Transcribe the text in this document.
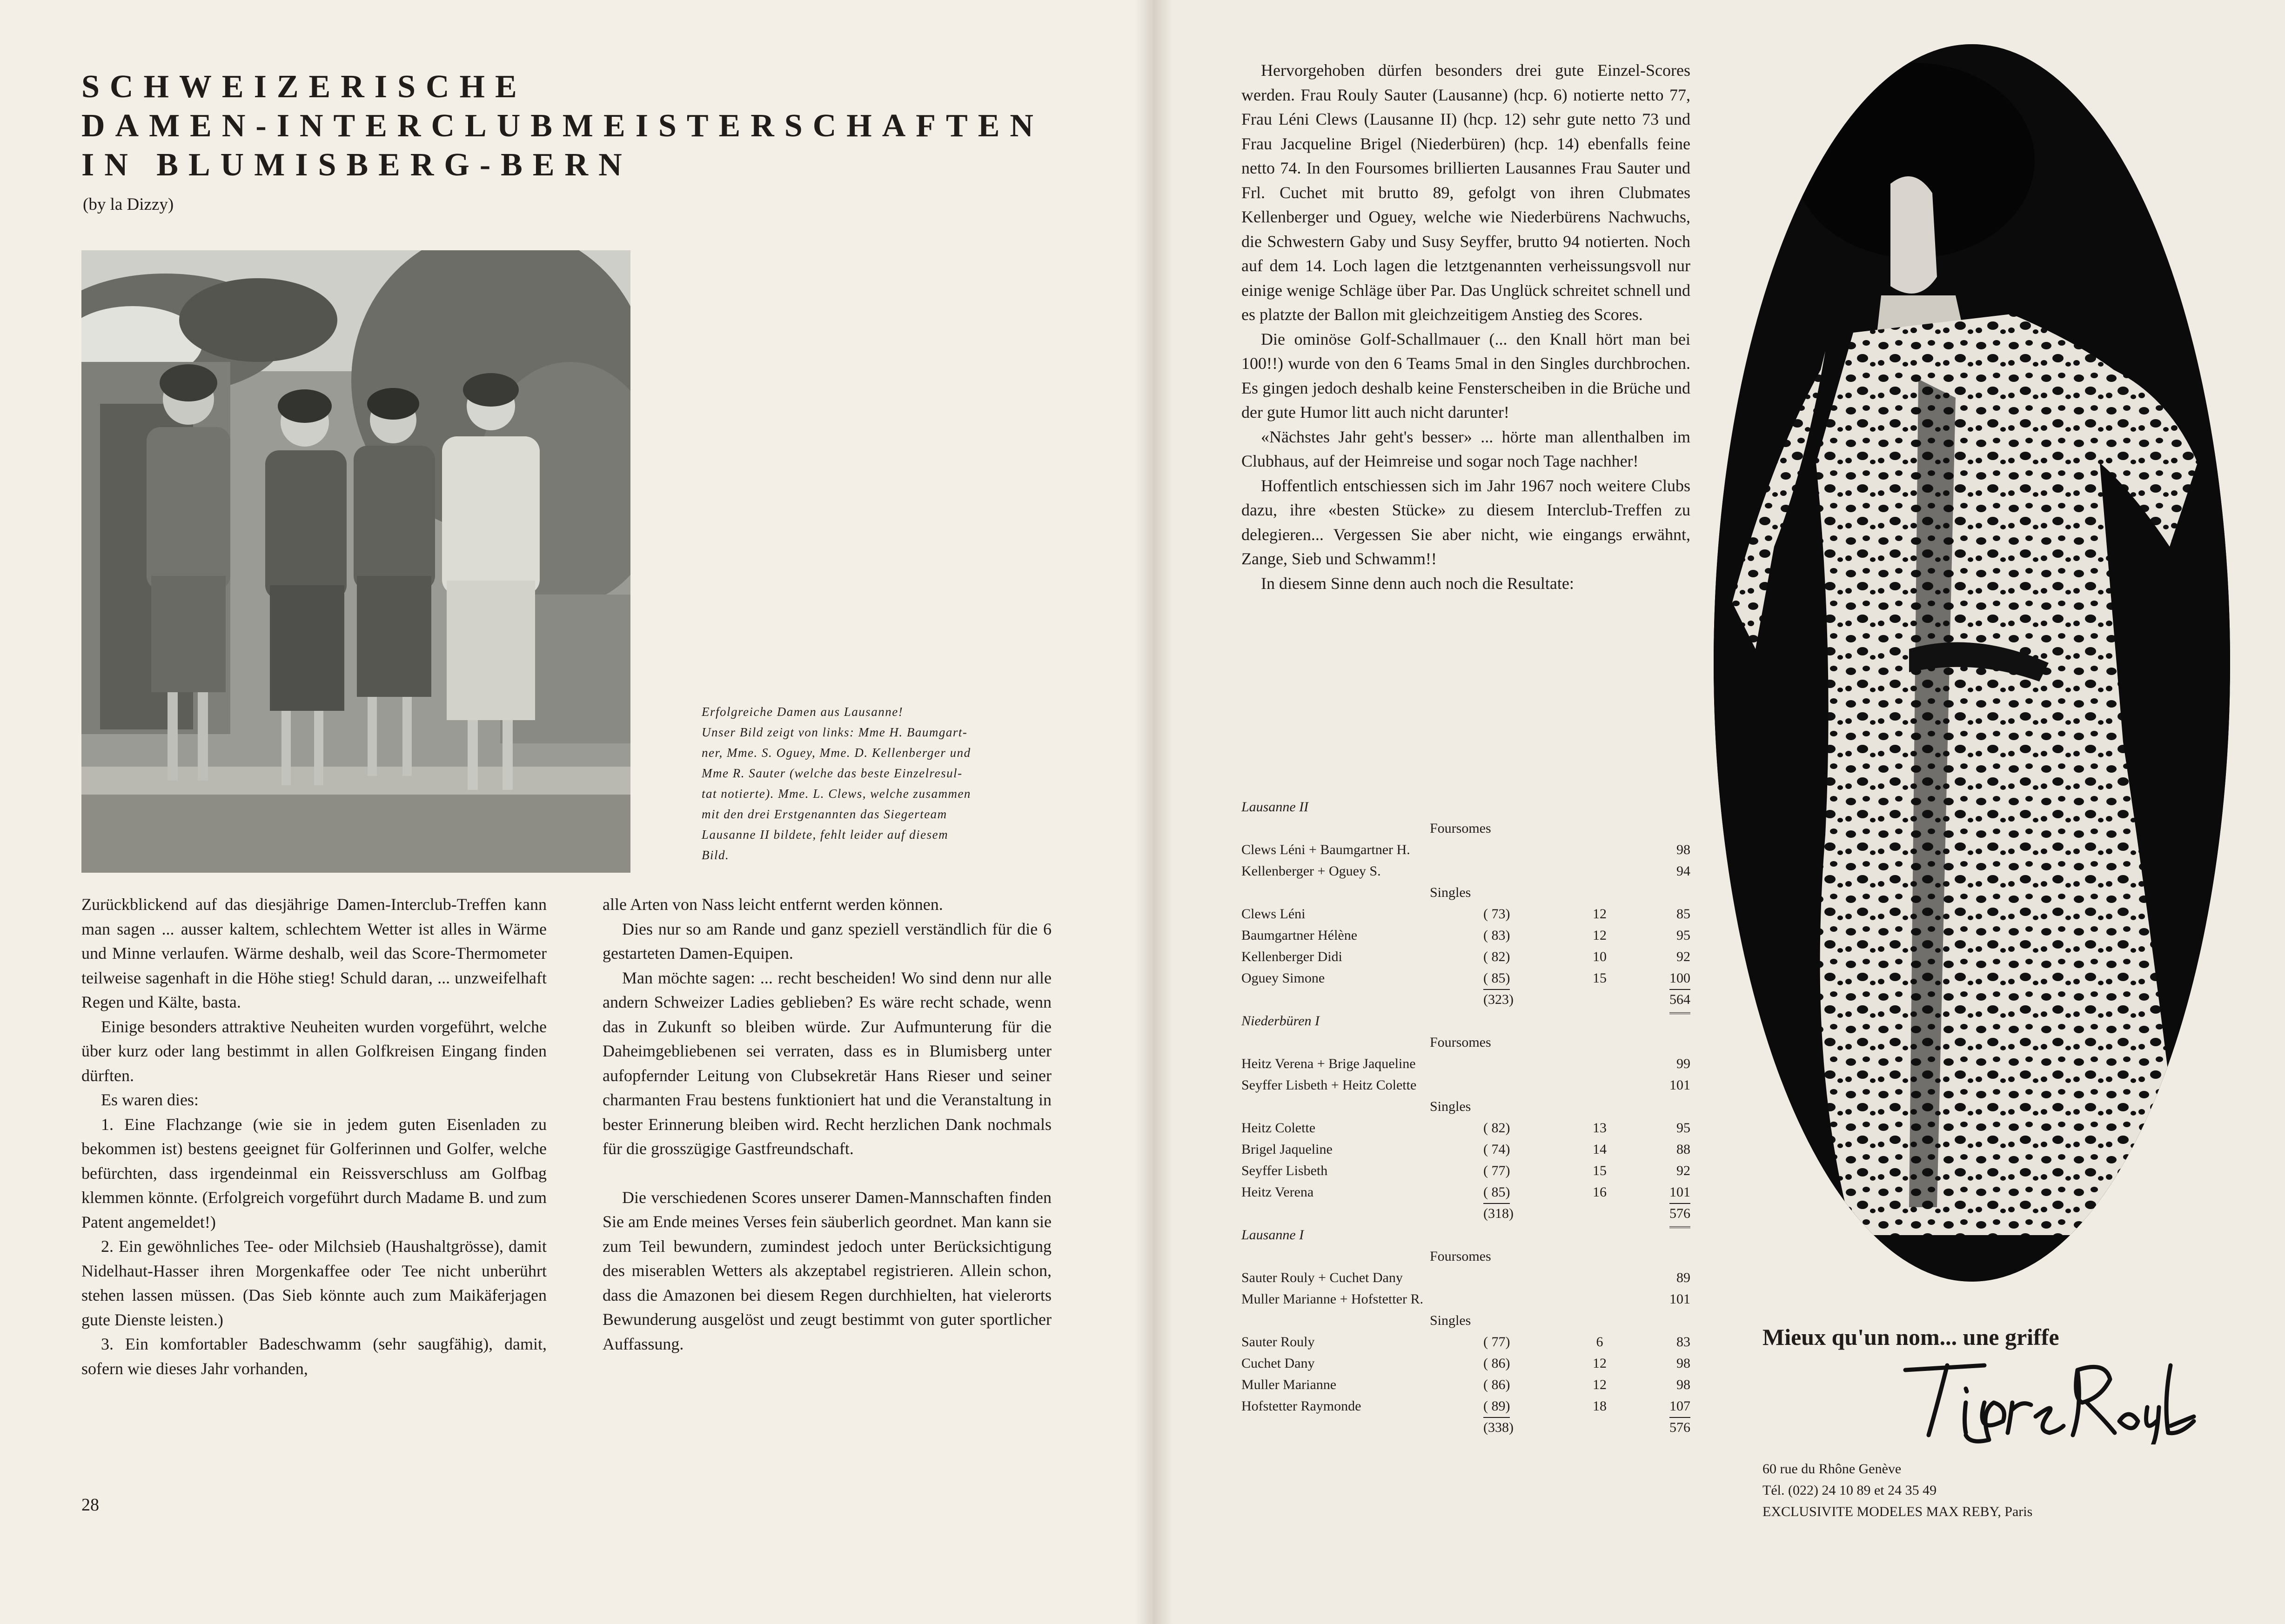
SCHWEIZERISCHE
DAMEN-INTERCLUBMEISTERSCHAFTEN
IN BLUMISBERG-BERN
(by la Dizzy)

Erfolgreiche Damen aus Lausanne!

Unser Bild zeigt von links: Mme H. Baumgart-

ner, Mme. S. Oguey, Mme. D. Kellenberger und

Mme R. Sauter (welche das beste Einzelresul-

tat notierte). Mme. L. Clews, welche zusammen

mit den drei Erstgenannten das Siegerteam

Lausanne II bildete, fehlt leider auf diesem

Bild.

Zurückblickend auf das diesjährige Damen-Interclub-Treffen kann man sagen ... ausser kaltem, schlechtem Wetter ist alles in Wärme und Minne verlaufen. Wärme deshalb, weil das Score-Thermometer teilweise sagenhaft in die Höhe stieg! Schuld daran, ... unzweifelhaft Regen und Kälte, basta.

Einige besonders attraktive Neuheiten wurden vorgeführt, welche über kurz oder lang bestimmt in allen Golfkreisen Eingang finden dürften.

Es waren dies:

1. Eine Flachzange (wie sie in jedem guten Eisenladen zu bekommen ist) bestens geeignet für Golferinnen und Golfer, welche befürchten, dass irgendeinmal ein Reissverschluss am Golfbag klemmen könnte. (Erfolgreich vorgeführt durch Madame B. und zum Patent angemeldet!)

2. Ein gewöhnliches Tee- oder Milchsieb (Haushaltgrösse), damit Nidelhaut-Hasser ihren Morgenkaffee oder Tee nicht unberührt stehen lassen müssen. (Das Sieb könnte auch zum Maikäferjagen gute Dienste leisten.)

3. Ein komfortabler Badeschwamm (sehr saugfähig), damit, sofern wie dieses Jahr vorhanden,

alle Arten von Nass leicht entfernt werden können.

Dies nur so am Rande und ganz speziell verständlich für die 6 gestarteten Damen-Equipen.

Man möchte sagen: ... recht bescheiden! Wo sind denn nur alle andern Schweizer Ladies geblieben? Es wäre recht schade, wenn das in Zukunft so bleiben würde. Zur Aufmunterung für die Daheimgebliebenen sei verraten, dass es in Blumisberg unter aufopfernder Leitung von Clubsekretär Hans Rieser und seiner charmanten Frau bestens funktioniert hat und die Veranstaltung in bester Erinnerung bleiben wird. Recht herzlichen Dank nochmals für die grosszügige Gastfreundschaft.

Die verschiedenen Scores unserer Damen-Mannschaften finden Sie am Ende meines Verses fein säuberlich geordnet. Man kann sie zum Teil bewundern, zumindest jedoch unter Berücksichtigung des miserablen Wetters als akzeptabel registrieren. Allein schon, dass die Amazonen bei diesem Regen durchhielten, hat vielerorts Bewunderung ausgelöst und zeugt bestimmt von guter sportlicher Auffassung.

28

Hervorgehoben dürfen besonders drei gute Einzel-Scores werden. Frau Rouly Sauter (Lausanne) (hcp. 6) notierte netto 77, Frau Léni Clews (Lausanne II) (hcp. 12) sehr gute netto 73 und Frau Jacqueline Brigel (Niederbüren) (hcp. 14) ebenfalls feine netto 74. In den Foursomes brillierten Lausannes Frau Sauter und Frl. Cuchet mit brutto 89, gefolgt von ihren Clubmates Kellenberger und Oguey, welche wie Niederbürens Nachwuchs, die Schwestern Gaby und Susy Seyffer, brutto 94 notierten. Noch auf dem 14. Loch lagen die letztgenannten verheissungsvoll nur einige wenige Schläge über Par. Das Unglück schreitet schnell und es platzte der Ballon mit gleichzeitigem Anstieg des Scores.

Die ominöse Golf-Schallmauer (... den Knall hört man bei 100!!) wurde von den 6 Teams 5mal in den Singles durchbrochen. Es gingen jedoch deshalb keine Fensterscheiben in die Brüche und der gute Humor litt auch nicht darunter!

«Nächstes Jahr geht's besser» ... hörte man allenthalben im Clubhaus, auf der Heimreise und sogar noch Tage nachher!

Hoffentlich entschiessen sich im Jahr 1967 noch weitere Clubs dazu, ihre «besten Stücke» zu diesem Interclub-Treffen zu delegieren... Vergessen Sie aber nicht, wie eingangs erwähnt, Zange, Sieb und Schwamm!!

In diesem Sinne denn auch noch die Resultate:

Lausanne II
Foursomes
Clews Léni + Baumgartner H.	98
Kellenberger + Oguey S.	94
Singles
Clews Léni	( 73)	12	85
Baumgartner Hélène	( 83)	12	95
Kellenberger Didi	( 82)	10	92
Oguey Simone	( 85)	15	100
(323)	564
Niederbüren I
Foursomes
Heitz Verena + Brige Jaqueline	99
Seyffer Lisbeth + Heitz Colette	101
Singles
Heitz Colette	( 82)	13	95
Brigel Jaqueline	( 74)	14	88
Seyffer Lisbeth	( 77)	15	92
Heitz Verena	( 85)	16	101
(318)	576
Lausanne I
Foursomes
Sauter Rouly + Cuchet Dany	89
Muller Marianne + Hofstetter R.	101
Singles
Sauter Rouly	( 77)	6	83
Cuchet Dany	( 86)	12	98
Muller Marianne	( 86)	12	98
Hofstetter Raymonde	( 89)	18	107
(338)	576
Mieux qu'un nom... une griffe
60 rue du Rhône Genève
Tél. (022) 24 10 89 et 24 35 49
EXCLUSIVITE MODELES MAX REBY, Paris
